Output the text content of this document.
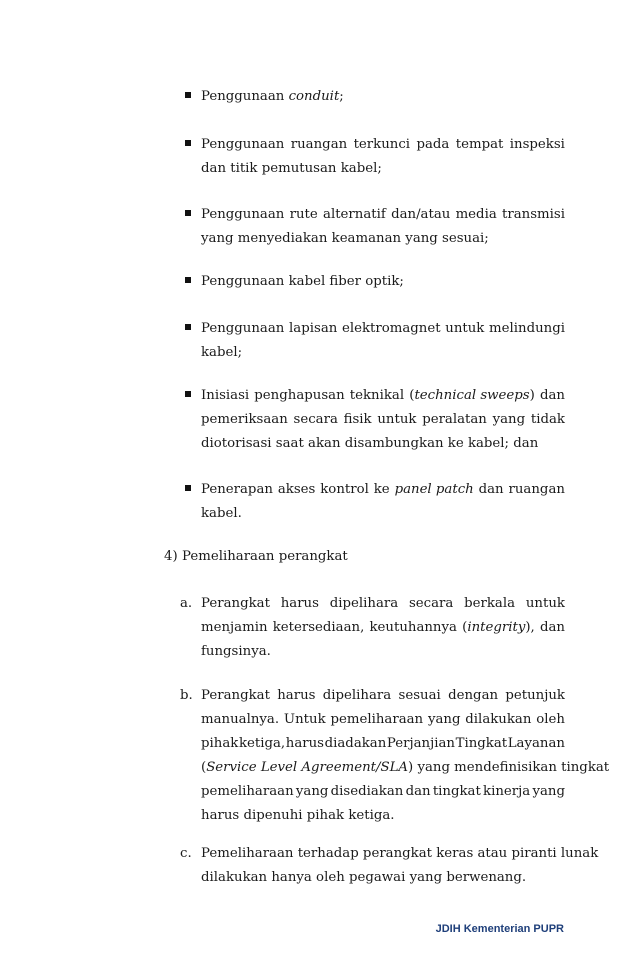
Penggunaan conduit;
Penggunaan ruangan terkunci pada tempat inspeksi
dan titik pemutusan kabel;
Penggunaan rute alternatif dan/atau media transmisi
yang menyediakan keamanan yang sesuai;
Penggunaan kabel fiber optik;
Penggunaan lapisan elektromagnet untuk melindungi
kabel;
Inisiasi penghapusan teknikal (technical sweeps) dan
pemeriksaan secara fisik untuk peralatan yang tidak
diotorisasi saat akan disambungkan ke kabel; dan
Penerapan akses kontrol ke panel patch dan ruangan
kabel.
4) Pemeliharaan perangkat
a. Perangkat harus dipelihara secara berkala untuk
menjamin ketersediaan, keutuhannya (integrity), dan
fungsinya.
b. Perangkat harus dipelihara sesuai dengan petunjuk
manualnya. Untuk pemeliharaan yang dilakukan oleh
pihak ketiga, harus diadakan Perjanjian Tingkat Layanan
(Service Level Agreement/SLA) yang mendefinisikan tingkat
pemeliharaan yang disediakan dan tingkat kinerja yang
harus dipenuhi pihak ketiga.
c. Pemeliharaan terhadap perangkat keras atau piranti lunak
dilakukan hanya oleh pegawai yang berwenang.
JDIH Kementerian PUPR
